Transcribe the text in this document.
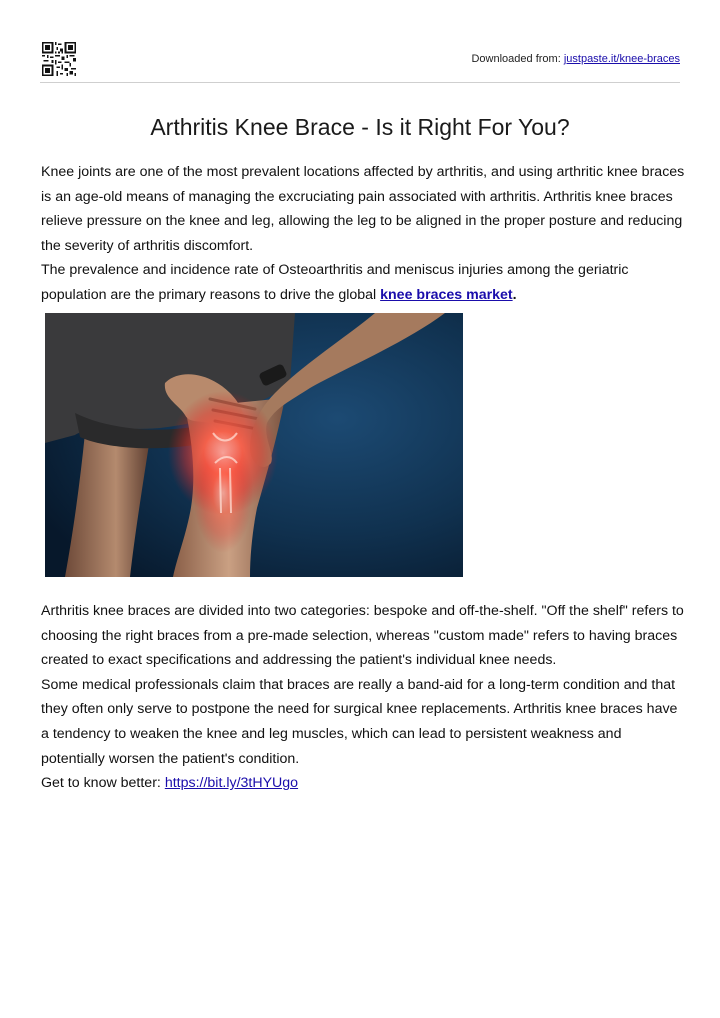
Downloaded from: justpaste.it/knee-braces
Arthritis Knee Brace - Is it Right For You?

Knee joints are one of the most prevalent locations affected by arthritis, and using arthritic knee braces is an age-old means of managing the excruciating pain associated with arthritis. Arthritis knee braces relieve pressure on the knee and leg, allowing the leg to be aligned in the proper posture and reducing the severity of arthritis discomfort.
The prevalence and incidence rate of Osteoarthritis and meniscus injuries among the geriatric population are the primary reasons to drive the global knee braces market.

Arthritis knee braces are divided into two categories: bespoke and off-the-shelf. "Off the shelf" refers to choosing the right braces from a pre-made selection, whereas "custom made" refers to having braces created to exact specifications and addressing the patient's individual knee needs.
Some medical professionals claim that braces are really a band-aid for a long-term condition and that they often only serve to postpone the need for surgical knee replacements. Arthritis knee braces have a tendency to weaken the knee and leg muscles, which can lead to persistent weakness and potentially worsen the patient's condition.
Get to know better: https://bit.ly/3tHYUgo
